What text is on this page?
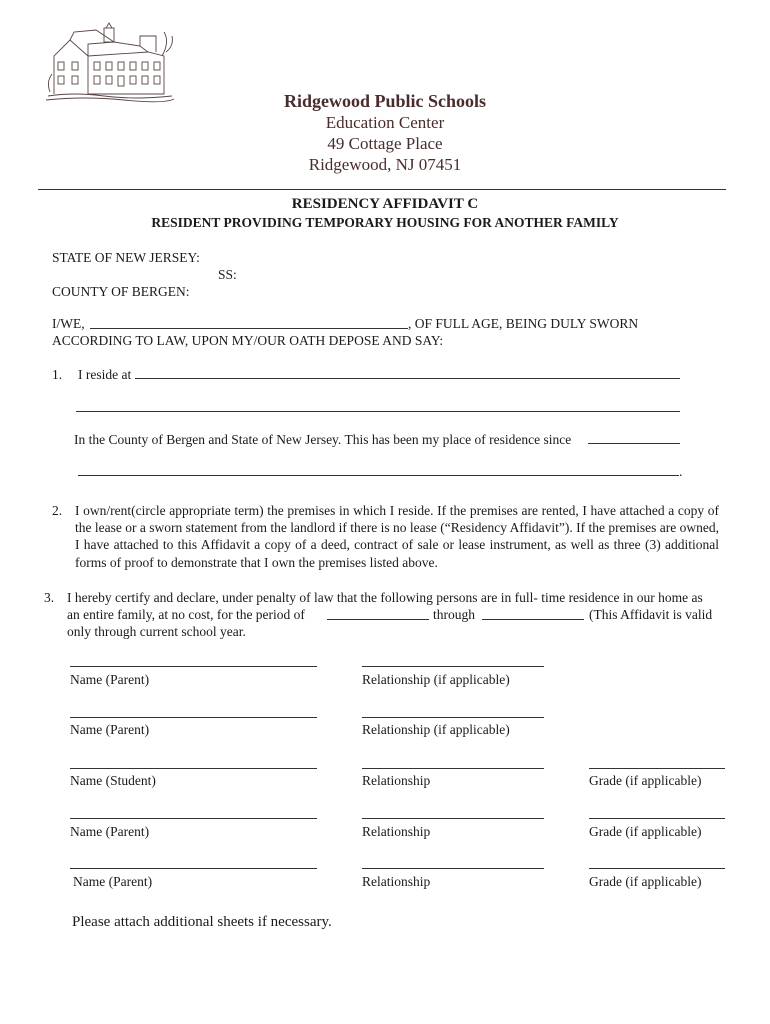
Ridgewood Public Schools
Education Center
49 Cottage Place
Ridgewood, NJ 07451
RESIDENCY AFFIDAVIT C
RESIDENT PROVIDING TEMPORARY HOUSING FOR ANOTHER FAMILY
STATE OF NEW JERSEY:
SS:
COUNTY OF BERGEN:
I/WE,	, OF FULL AGE, BEING DULY SWORN
ACCORDING TO LAW, UPON MY/OUR OATH DEPOSE AND SAY:
1. I reside at
In the County of Bergen and State of New Jersey. This has been my place of residence since
.
2. I own/rent(circle appropriate term) the premises in which I reside. If the premises are rented, I have attached a copy of the lease or a sworn statement from the landlord if there is no lease (“Residency Affidavit”). If the premises are owned, I have attached to this Affidavit a copy of a deed, contract of sale or lease instrument, as well as three (3) additional forms of proof to demonstrate that I own the premises listed above.

3. I hereby certify and declare, under penalty of law that the following persons are in full- time residence in our home as
an entire family, at no cost, for the period of	through	(This Affidavit is valid
only through current school year.
Name (Parent)	Relationship (if applicable)
Name (Parent)	Relationship (if applicable)
Name (Student)	Relationship	Grade (if applicable)
Name (Parent)	Relationship	Grade (if applicable)
Name (Parent)	Relationship	Grade (if applicable)
Please attach additional sheets if necessary.
